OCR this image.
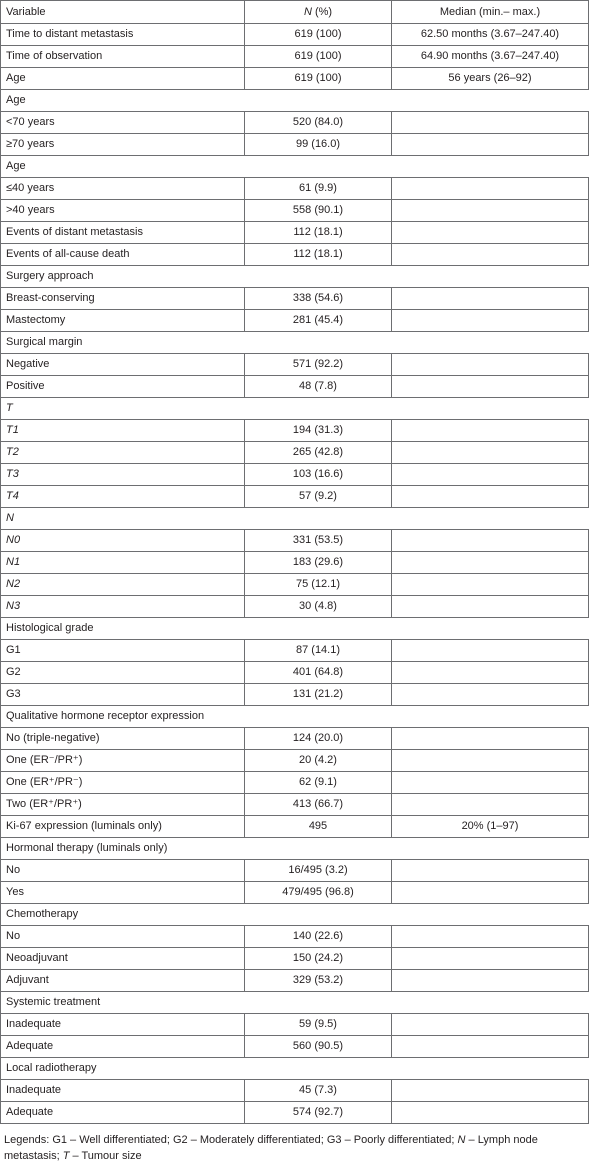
Variable	N (%)	Median (min.– max.)
Time to distant metastasis	619 (100)	62.50 months (3.67–247.40)
Time of observation	619 (100)	64.90 months (3.67–247.40)
Age	619 (100)	56 years (26–92)
Age		
<70 years	520 (84.0)	
≥70 years	99 (16.0)	
Age		
≤40 years	61 (9.9)	
>40 years	558 (90.1)	
Events of distant metastasis	112 (18.1)	
Events of all-cause death	112 (18.1)	
Surgery approach		
Breast-conserving	338 (54.6)	
Mastectomy	281 (45.4)	
Surgical margin		
Negative	571 (92.2)	
Positive	48 (7.8)	
T		
T1	194 (31.3)	
T2	265 (42.8)	
T3	103 (16.6)	
T4	57 (9.2)	
N		
N0	331 (53.5)	
N1	183 (29.6)	
N2	75 (12.1)	
N3	30 (4.8)	
Histological grade		
G1	87 (14.1)	
G2	401 (64.8)	
G3	131 (21.2)	
Qualitative hormone receptor expression		
No (triple-negative)	124 (20.0)	
One (ER⁻/PR⁺)	20 (4.2)	
One (ER⁺/PR⁻)	62 (9.1)	
Two (ER⁺/PR⁺)	413 (66.7)	
Ki-67 expression (luminals only)	495	20% (1–97)
Hormonal therapy (luminals only)		
No	16/495 (3.2)	
Yes	479/495 (96.8)	
Chemotherapy		
No	140 (22.6)	
Neoadjuvant	150 (24.2)	
Adjuvant	329 (53.2)	
Systemic treatment		
Inadequate	59 (9.5)	
Adequate	560 (90.5)	
Local radiotherapy		
Inadequate	45 (7.3)	
Adequate	574 (92.7)	
Legends: G1 – Well differentiated; G2 – Moderately differentiated; G3 – Poorly differentiated; N – Lymph node metastasis; T – Tumour size
